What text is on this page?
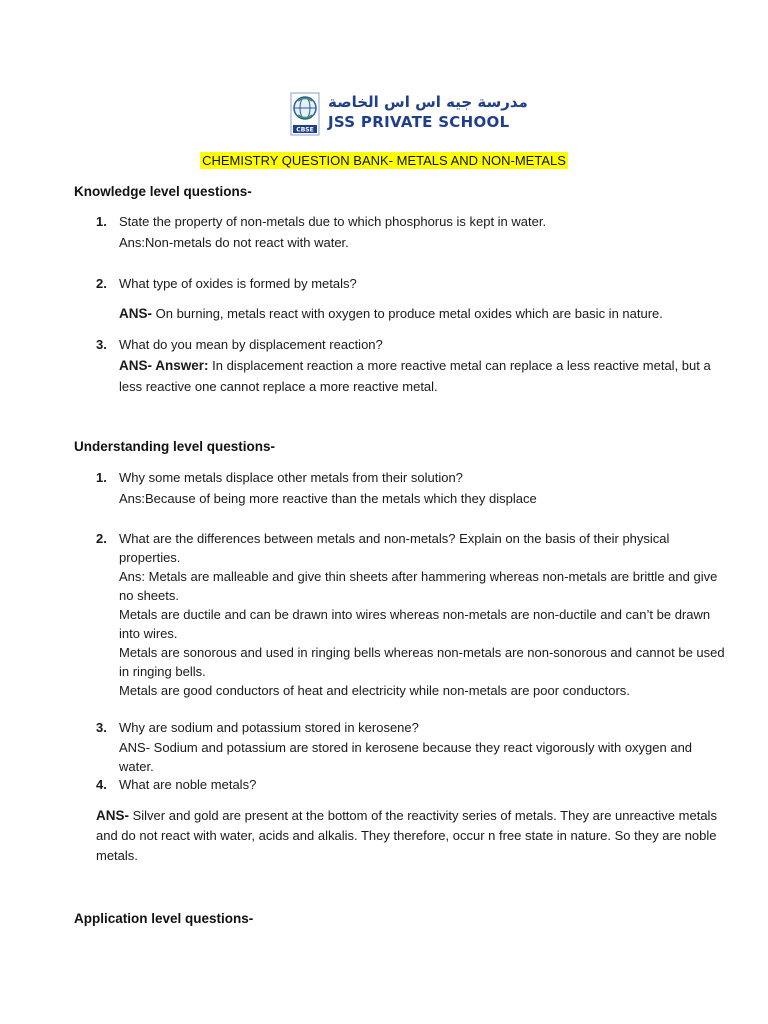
CBSE
مدرسة جيه اس اس الخاصة
JSS PRIVATE SCHOOL
CHEMISTRY QUESTION BANK- METALS AND NON-METALS
Knowledge level questions-
1. State the property of non-metals due to which phosphorus is kept in water.
Ans:Non-metals do not react with water.
2. What type of oxides is formed by metals?
ANS- On burning, metals react with oxygen to produce metal oxides which are basic in nature.
3. What do you mean by displacement reaction?
ANS- Answer: In displacement reaction a more reactive metal can replace a less reactive metal, but a less reactive one cannot replace a more reactive metal.
Understanding level questions-
1. Why some metals displace other metals from their solution?
Ans:Because of being more reactive than the metals which they displace
2. What are the differences between metals and non-metals? Explain on the basis of their physical properties.
Ans: Metals are malleable and give thin sheets after hammering whereas non-metals are brittle and give no sheets.
Metals are ductile and can be drawn into wires whereas non-metals are non-ductile and can’t be drawn into wires.
Metals are sonorous and used in ringing bells whereas non-metals are non-sonorous and cannot be used in ringing bells.
Metals are good conductors of heat and electricity while non-metals are poor conductors.
3. Why are sodium and potassium stored in kerosene?
ANS- Sodium and potassium are stored in kerosene because they react vigorously with oxygen and water.
4. What are noble metals?
ANS- Silver and gold are present at the bottom of the reactivity series of metals. They are unreactive metals and do not react with water, acids and alkalis. They therefore, occur n free state in nature. So they are noble metals.
Application level questions-
